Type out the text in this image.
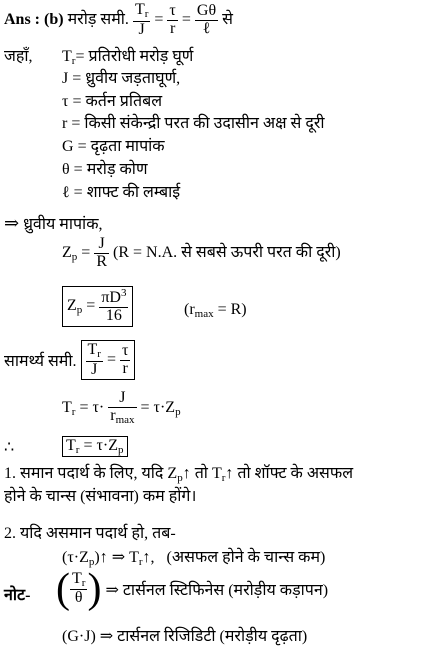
Ans : (b) मरोड़ समी. $\frac{T_r}{J} = \frac{\tau}{r} = \frac{G\theta}{\text{ℓ}}$ से
जहाँ, $T_r=$ प्रतिरोधी मरोड़ घूर्ण
J = ध्रुवीय जड़ताघूर्ण,
τ = कर्तन प्रतिबल
r = किसी संकेन्द्री परत की उदासीन अक्ष से दूरी
G = दृढ़ता मापांक
θ = मरोड़ कोण
ℓ = शाफ्ट की लम्बाई
⇒ ध्रुवीय मापांक,
$Z_p = \frac{J}{R} (R = N.A$. से सबसे ऊपरी परत की दूरी)
$Z_p = \frac{\pi D^3}{16}$	$(r_{max} = R)$
सामर्थ्य समी. $\frac{T_r}{J} = \frac{\tau}{r}$
$T_r = \tau\cdot \frac{J}{r_{max}} = \tau\cdot Z_p$
∴	$T_r = \tau\cdot Z_p$
1. समान पदार्थ के लिए, यदि $Z_p↑$ तो $T_r↑$ तो शॉफ्ट के असफल
होने के चान्स (संभावना) कम होंगे।
2. यदि असमान पदार्थ हो, तब-
$(\tau\cdot Z_p)↑$ ⇒ $T_r↑$,   (असफल होने के चान्स कम)
नोट- ( $\frac{T_r}{\theta}$ ) ⇒ टार्सनल स्टिफिनेस (मरोड़ीय कड़ापन)
(G·J) ⇒ टार्सनल रिजिडिटी (मरोड़ीय दृढ़ता)
